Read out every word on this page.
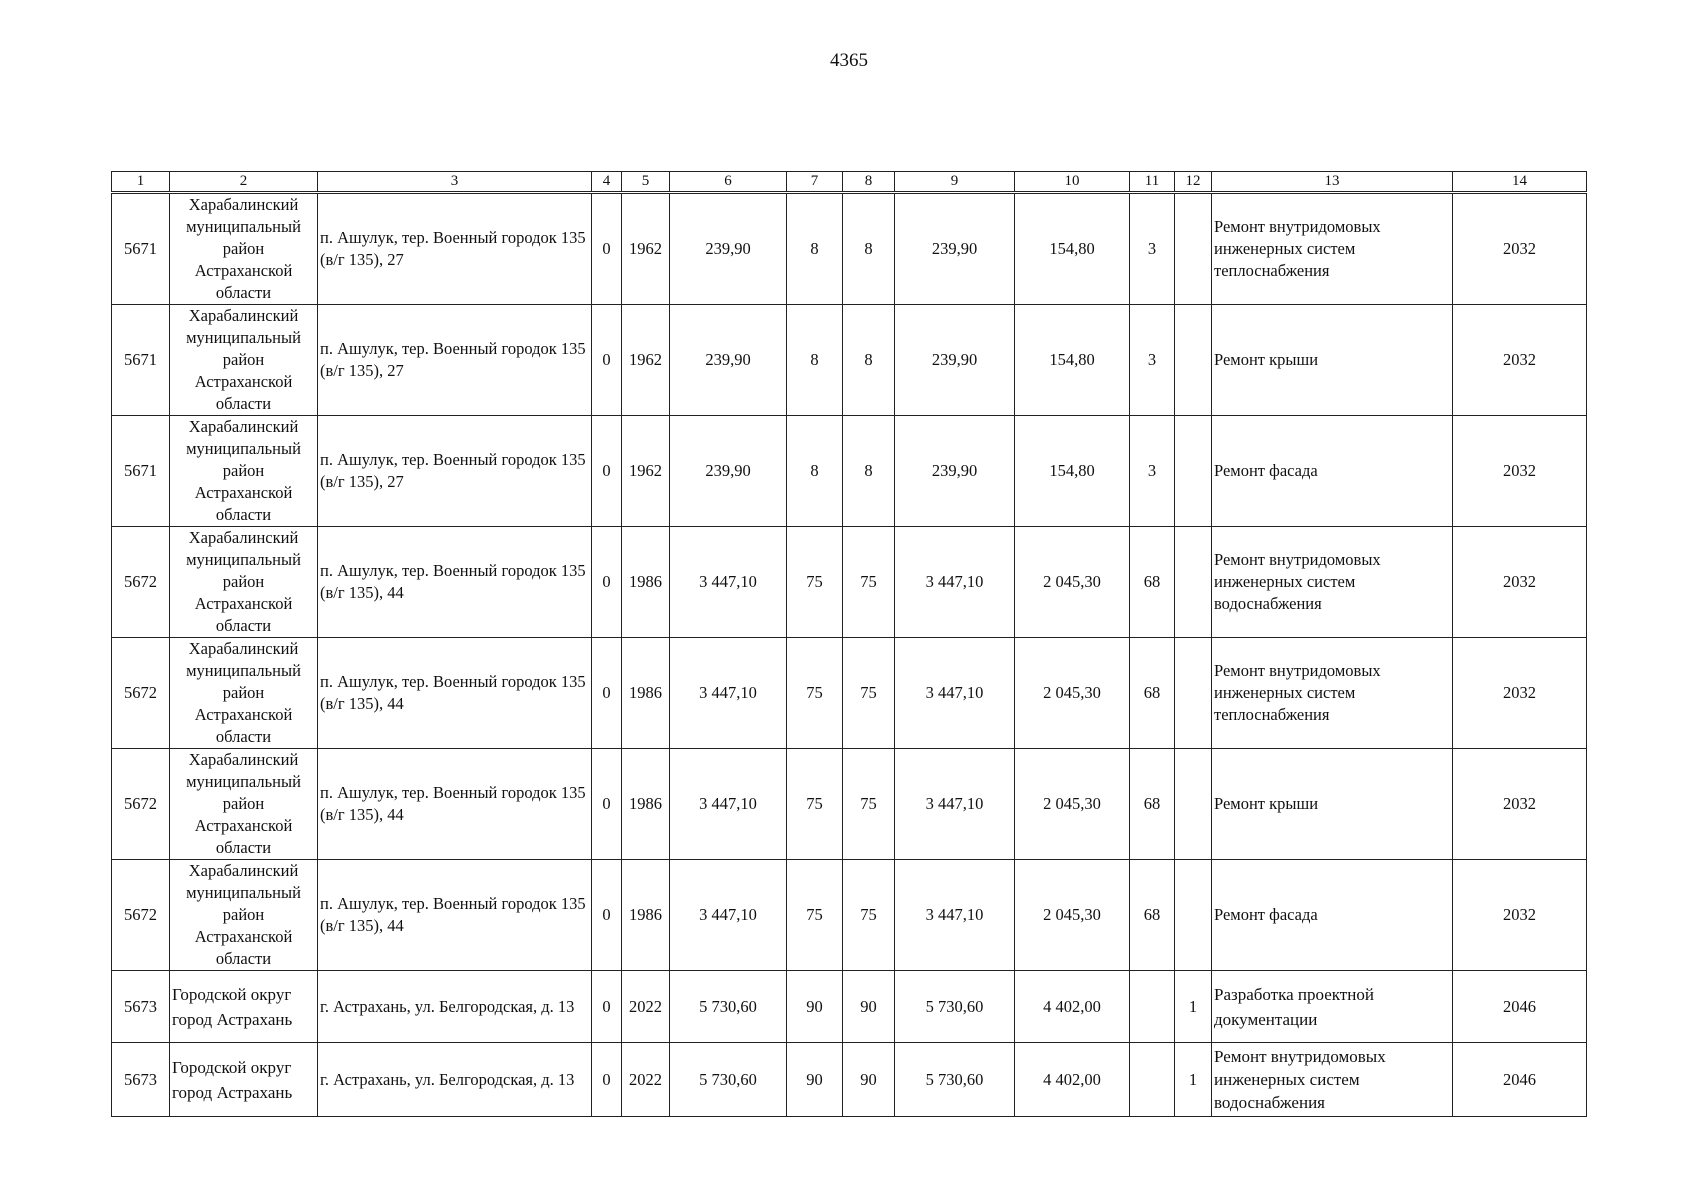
4365
1	2	3	4	5	6	7	8	9	10	11	12	13	14
5671	Харабалинский муниципальный район Астраханской области	п. Ашулук, тер. Военный городок 135 (в/г 135), 27	0	1962	239,90	8	8	239,90	154,80	3		Ремонт внутридомовых инженерных систем теплоснабжения	2032
5671	Харабалинский муниципальный район Астраханской области	п. Ашулук, тер. Военный городок 135 (в/г 135), 27	0	1962	239,90	8	8	239,90	154,80	3		Ремонт крыши	2032
5671	Харабалинский муниципальный район Астраханской области	п. Ашулук, тер. Военный городок 135 (в/г 135), 27	0	1962	239,90	8	8	239,90	154,80	3		Ремонт фасада	2032
5672	Харабалинский муниципальный район Астраханской области	п. Ашулук, тер. Военный городок 135 (в/г 135), 44	0	1986	3 447,10	75	75	3 447,10	2 045,30	68		Ремонт внутридомовых инженерных систем водоснабжения	2032
5672	Харабалинский муниципальный район Астраханской области	п. Ашулук, тер. Военный городок 135 (в/г 135), 44	0	1986	3 447,10	75	75	3 447,10	2 045,30	68		Ремонт внутридомовых инженерных систем теплоснабжения	2032
5672	Харабалинский муниципальный район Астраханской области	п. Ашулук, тер. Военный городок 135 (в/г 135), 44	0	1986	3 447,10	75	75	3 447,10	2 045,30	68		Ремонт крыши	2032
5672	Харабалинский муниципальный район Астраханской области	п. Ашулук, тер. Военный городок 135 (в/г 135), 44	0	1986	3 447,10	75	75	3 447,10	2 045,30	68		Ремонт фасада	2032
5673	Городской округ город Астрахань	г. Астрахань, ул. Белгородская, д. 13	0	2022	5 730,60	90	90	5 730,60	4 402,00		1	Разработка проектной документации	2046
5673	Городской округ город Астрахань	г. Астрахань, ул. Белгородская, д. 13	0	2022	5 730,60	90	90	5 730,60	4 402,00		1	Ремонт внутридомовых инженерных систем водоснабжения	2046
